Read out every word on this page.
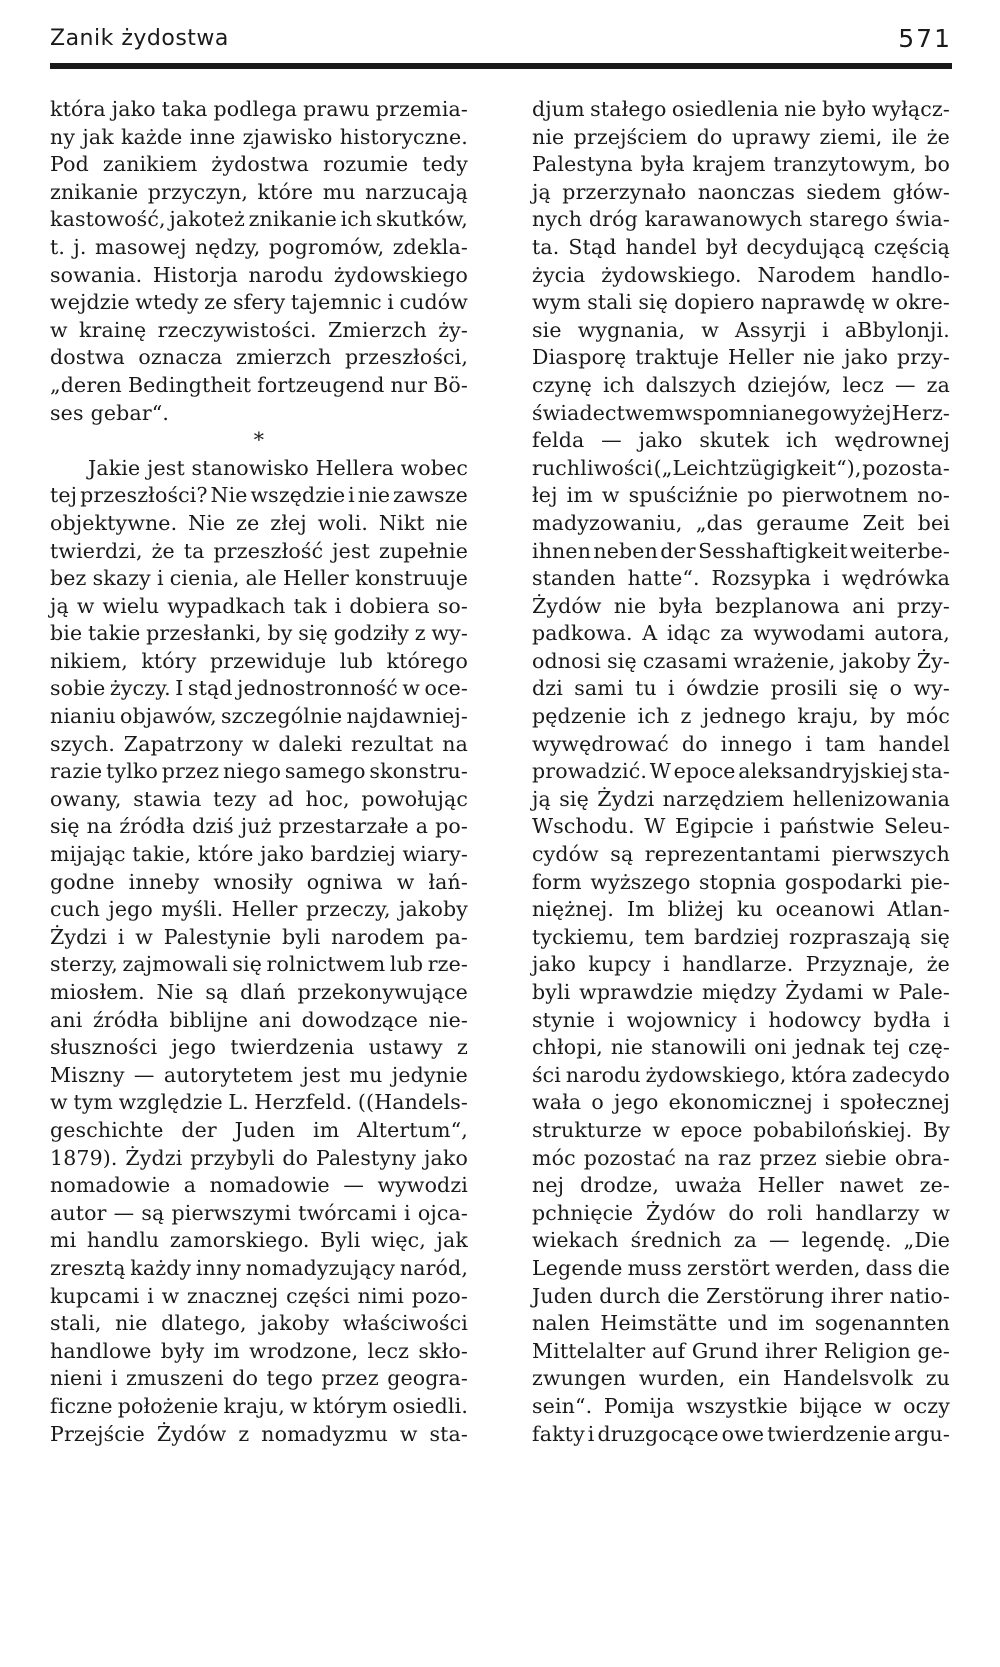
Zanik żydostwa	571
która jako taka podlega prawu przemia-
ny jak każde inne zjawisko historyczne.
Pod zanikiem żydostwa rozumie tedy
znikanie przyczyn, które mu narzucają
kastowość, jakoteż znikanie ich skutków,
t. j. masowej nędzy, pogromów, zdekla-
sowania. Historja narodu żydowskiego
wejdzie wtedy ze sfery tajemnic i cudów
w krainę rzeczywistości. Zmierzch ży-
dostwa oznacza zmierzch przeszłości,
„deren Bedingtheit fortzeugend nur Bö-
ses gebar“.
*
Jakie jest stanowisko Hellera wobec
tej przeszłości? Nie wszędzie i nie zawsze
objektywne. Nie ze złej woli. Nikt nie
twierdzi, że ta przeszłość jest zupełnie
bez skazy i cienia, ale Heller konstruuje
ją w wielu wypadkach tak i dobiera so-
bie takie przesłanki, by się godziły z wy-
nikiem, który przewiduje lub którego
sobie życzy. I stąd jednostronność w oce-
nianiu objawów, szczególnie najdawniej-
szych. Zapatrzony w daleki rezultat na
razie tylko przez niego samego skonstru-
owany, stawia tezy ad hoc, powołując
się na źródła dziś już przestarzałe a po-
mijając takie, które jako bardziej wiary-
godne inneby wnosiły ogniwa w łań-
cuch jego myśli. Heller przeczy, jakoby
Żydzi i w Palestynie byli narodem pa-
sterzy, zajmowali się rolnictwem lub rze-
miosłem. Nie są dlań przekonywujące
ani źródła biblijne ani dowodzące nie-
słuszności jego twierdzenia ustawy z
Miszny — autorytetem jest mu jedynie
w tym względzie L. Herzfeld. ((Handels-
geschichte der Juden im Altertum“,
1879). Żydzi przybyli do Palestyny jako
nomadowie a nomadowie — wywodzi
autor — są pierwszymi twórcami i ojca-
mi handlu zamorskiego. Byli więc, jak
zresztą każdy inny nomadyzujący naród,
kupcami i w znacznej części nimi pozo-
stali, nie dlatego, jakoby właściwości
handlowe były im wrodzone, lecz skło-
nieni i zmuszeni do tego przez geogra-
ficzne położenie kraju, w którym osiedli.
Przejście Żydów z nomadyzmu w sta-
djum stałego osiedlenia nie było wyłącz-
nie przejściem do uprawy ziemi, ile że
Palestyna była krajem tranzytowym, bo
ją przerzynało naonczas siedem głów-
nych dróg karawanowych starego świa-
ta. Stąd handel był decydującą częścią
życia żydowskiego. Narodem handlo-
wym stali się dopiero naprawdę w okre-
sie wygnania, w Assyrji i aBbylonji.
Diasporę traktuje Heller nie jako przy-
czynę ich dalszych dziejów, lecz — za
świadectwem wspomnianego wyżej Herz-
felda — jako skutek ich wędrownej
ruchliwości („Leichtzügigkeit“), pozosta-
łej im w spuściźnie po pierwotnem no-
madyzowaniu, „das geraume Zeit bei
ihnen neben der Sesshaftigkeit weiterbe-
standen hatte“. Rozsypka i wędrówka
Żydów nie była bezplanowa ani przy-
padkowa. A idąc za wywodami autora,
odnosi się czasami wrażenie, jakoby Ży-
dzi sami tu i ówdzie prosili się o wy-
pędzenie ich z jednego kraju, by móc
wywędrować do innego i tam handel
prowadzić. W epoce aleksandryjskiej sta-
ją się Żydzi narzędziem hellenizowania
Wschodu. W Egipcie i państwie Seleu-
cydów są reprezentantami pierwszych
form wyższego stopnia gospodarki pie-
niężnej. Im bliżej ku oceanowi Atlan-
tyckiemu, tem bardziej rozpraszają się
jako kupcy i handlarze. Przyznaje, że
byli wprawdzie między Żydami w Pale-
stynie i wojownicy i hodowcy bydła i
chłopi, nie stanowili oni jednak tej czę-
ści narodu żydowskiego, która zadecydo
wała o jego ekonomicznej i społecznej
strukturze w epoce pobabilońskiej. By
móc pozostać na raz przez siebie obra-
nej drodze, uważa Heller nawet ze-
pchnięcie Żydów do roli handlarzy w
wiekach średnich za — legendę. „Die
Legende muss zerstört werden, dass die
Juden durch die Zerstörung ihrer natio-
nalen Heimstätte und im sogenannten
Mittelalter auf Grund ihrer Religion ge-
zwungen wurden, ein Handelsvolk zu
sein“. Pomija wszystkie bijące w oczy
fakty i druzgocące owe twierdzenie argu-
